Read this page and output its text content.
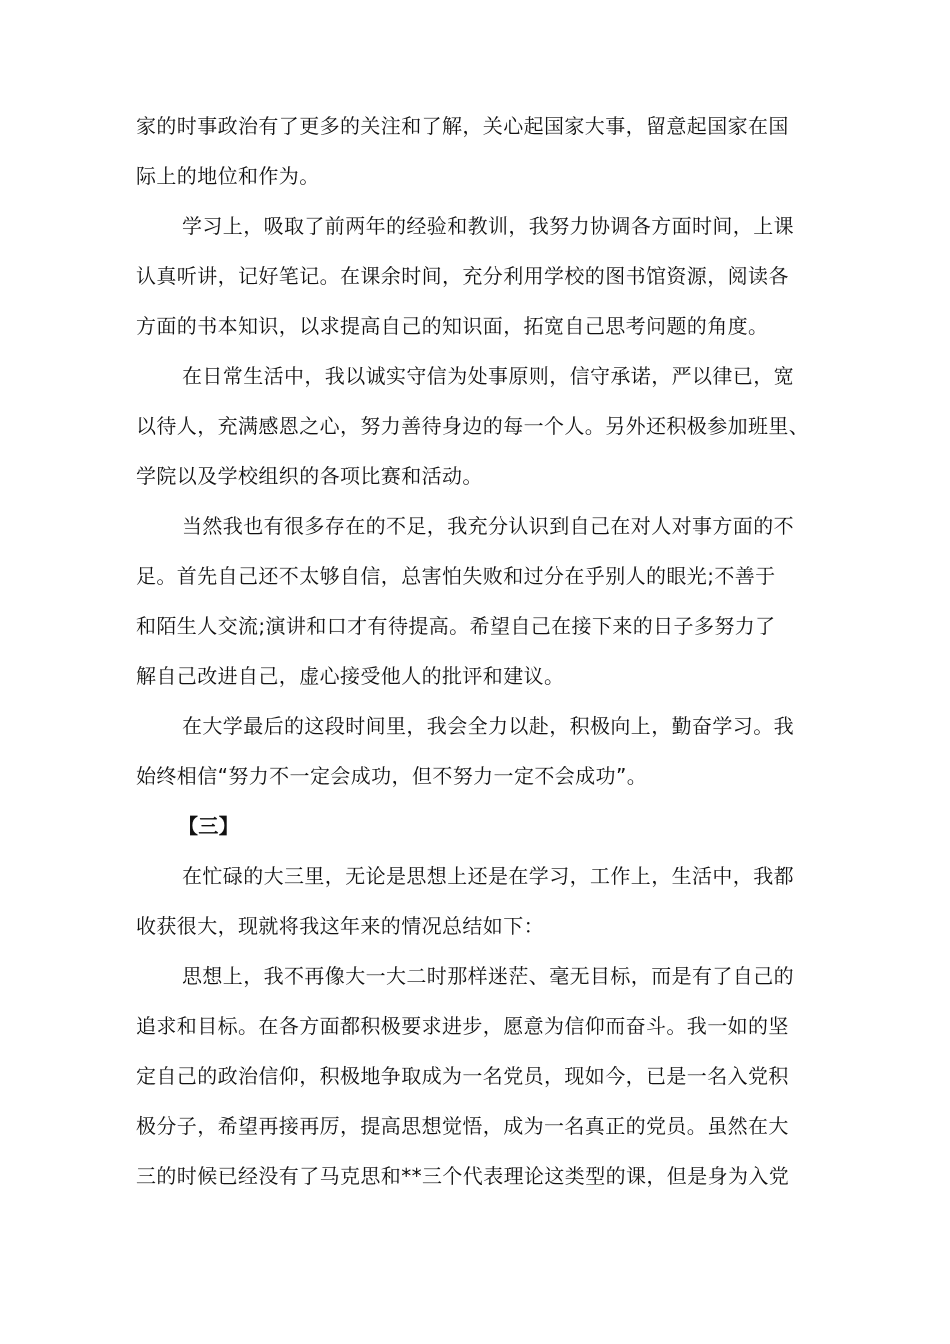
家的时事政治有了更多的关注和了解，关心起国家大事，留意起国家在国
际上的地位和作为。
学习上，吸取了前两年的经验和教训，我努力协调各方面时间，上课
认真听讲，记好笔记。在课余时间，充分利用学校的图书馆资源，阅读各
方面的书本知识，以求提高自己的知识面，拓宽自己思考问题的角度。
在日常生活中，我以诚实守信为处事原则，信守承诺，严以律已，宽
以待人，充满感恩之心，努力善待身边的每一个人。另外还积极参加班里、
学院以及学校组织的各项比赛和活动。
当然我也有很多存在的不足，我充分认识到自己在对人对事方面的不
足。首先自己还不太够自信，总害怕失败和过分在乎别人的眼光;不善于
和陌生人交流;演讲和口才有待提高。希望自己在接下来的日子多努力了
解自己改进自己，虚心接受他人的批评和建议。
在大学最后的这段时间里，我会全力以赴，积极向上，勤奋学习。我
始终相信“努力不一定会成功，但不努力一定不会成功”。
【三】
在忙碌的大三里，无论是思想上还是在学习，工作上，生活中，我都
收获很大，现就将我这年来的情况总结如下：
思想上，我不再像大一大二时那样迷茫、毫无目标，而是有了自己的
追求和目标。在各方面都积极要求进步，愿意为信仰而奋斗。我一如的坚
定自己的政治信仰，积极地争取成为一名党员，现如今，已是一名入党积
极分子，希望再接再厉，提高思想觉悟，成为一名真正的党员。虽然在大
三的时候已经没有了马克思和**三个代表理论这类型的课，但是身为入党
